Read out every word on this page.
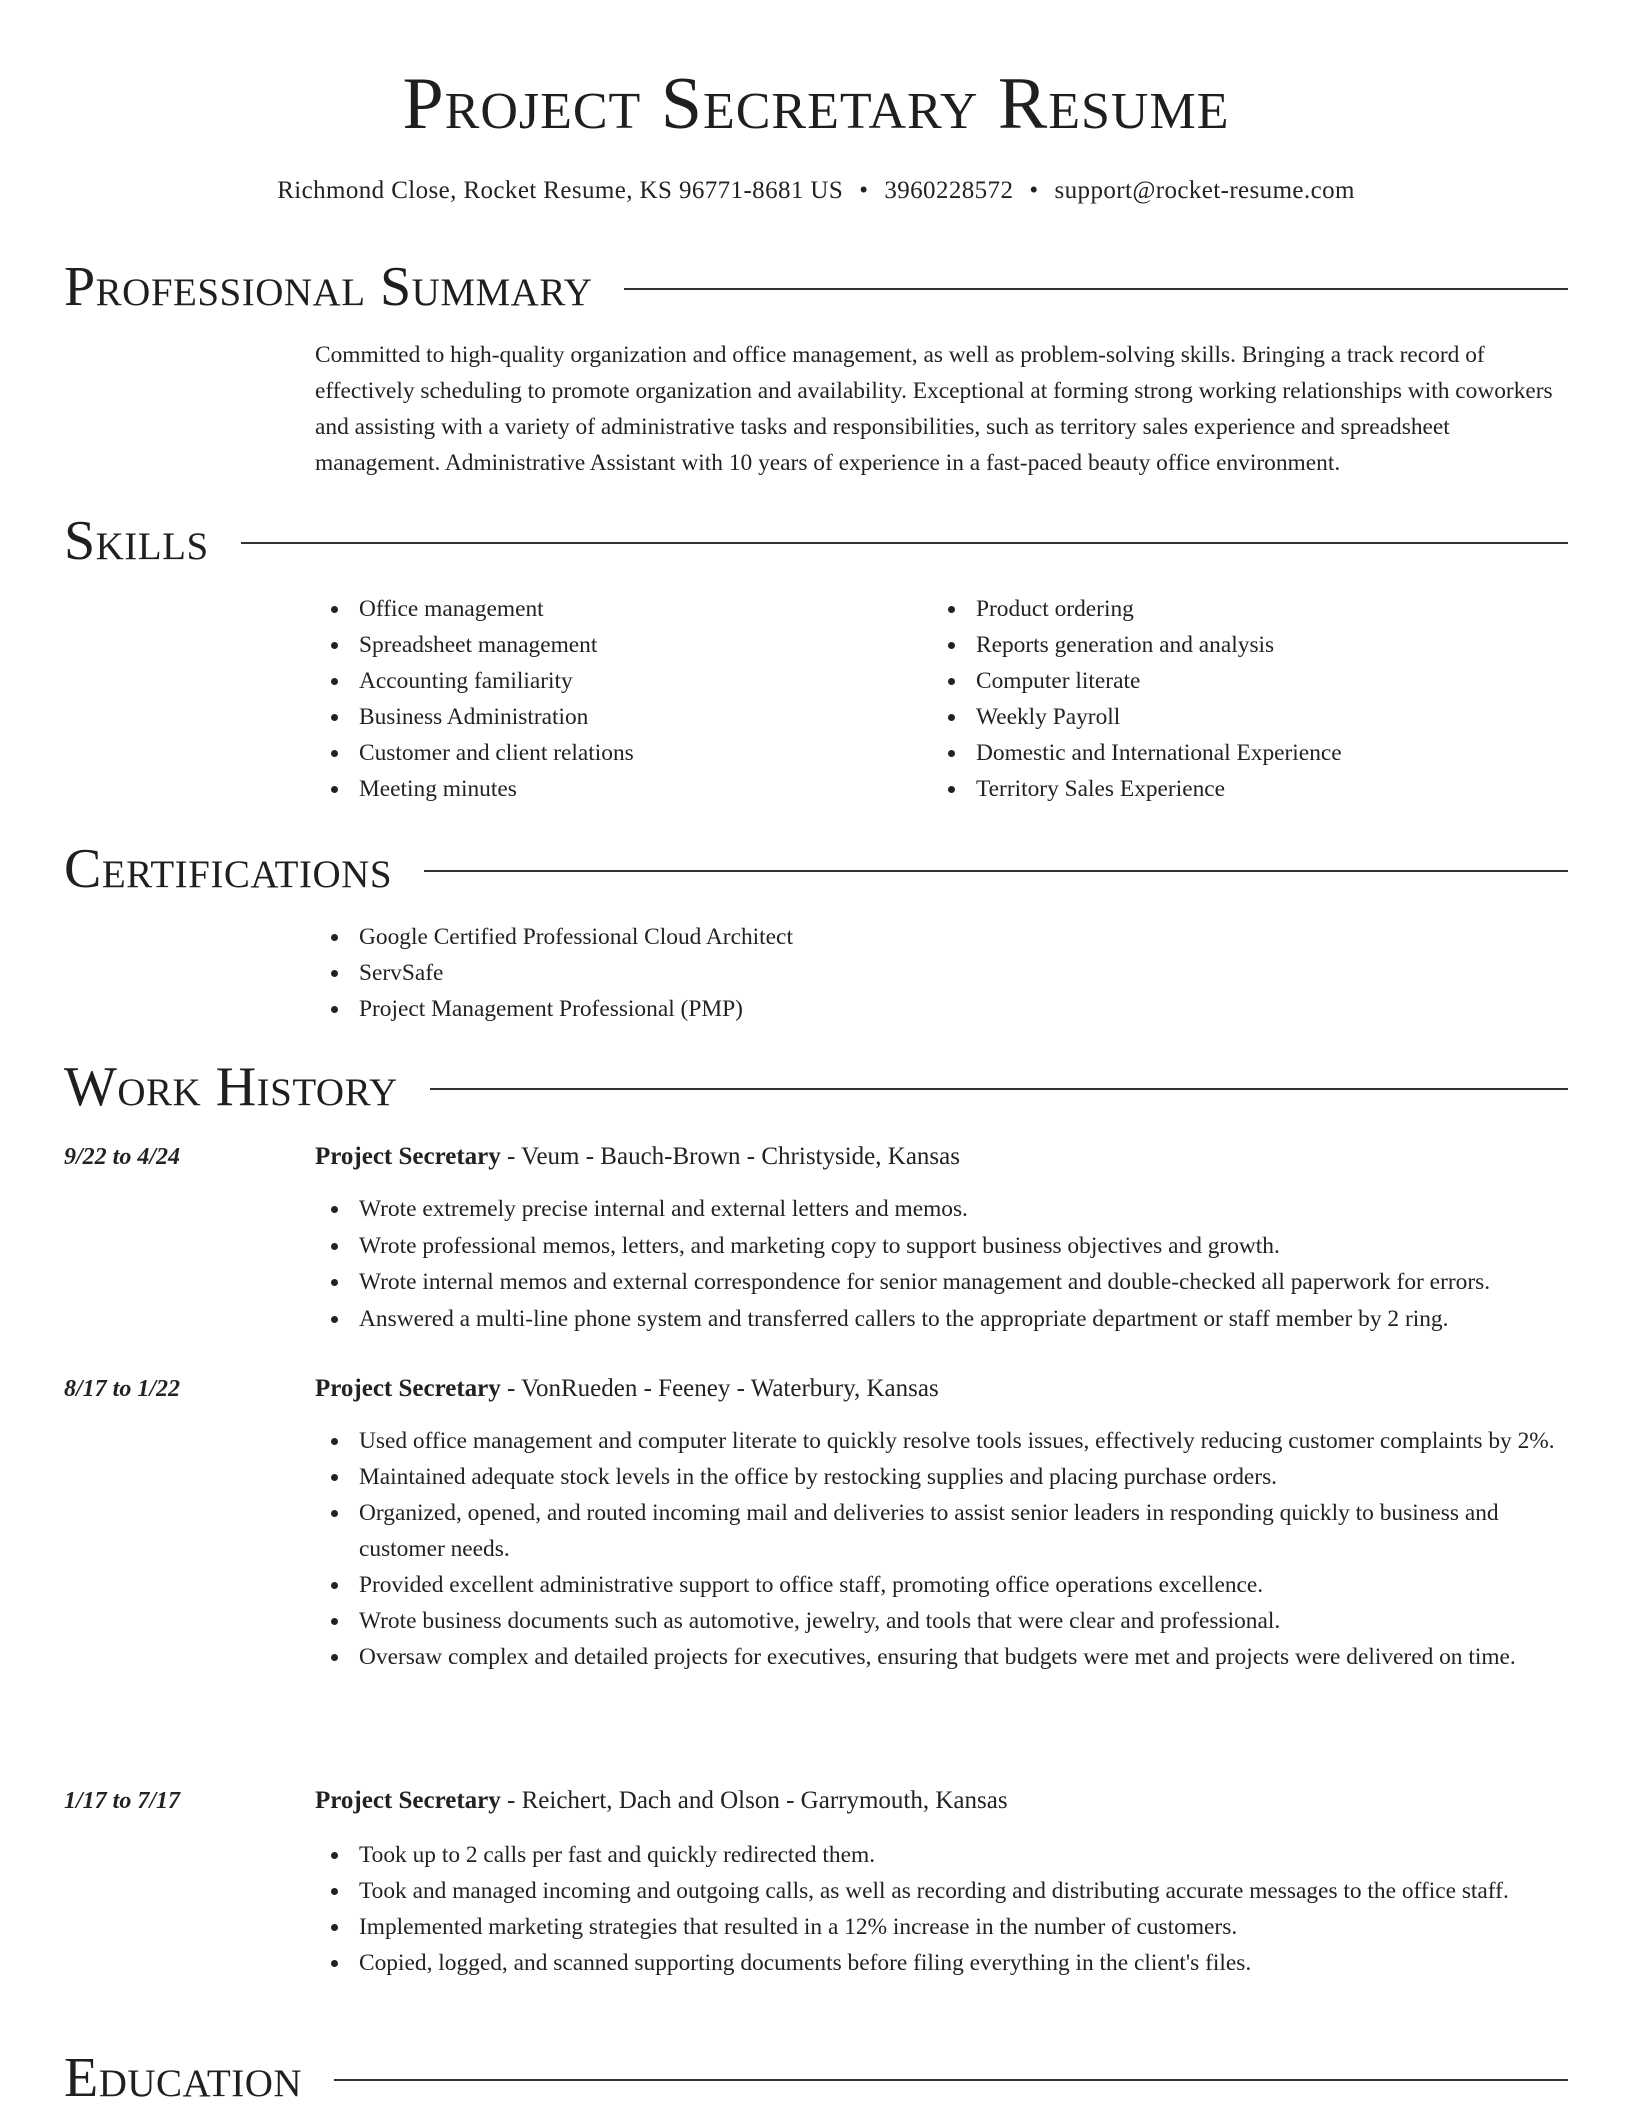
Project Secretary Resume
Richmond Close, Rocket Resume, KS 96771-8681 US • 3960228572 • support@rocket-resume.com
Professional Summary

Committed to high-quality organization and office management, as well as problem-solving skills. Bringing a track record of effectively scheduling to promote organization and availability. Exceptional at forming strong working relationships with coworkers and assisting with a variety of administrative tasks and responsibilities, such as territory sales experience and spreadsheet management. Administrative Assistant with 10 years of experience in a fast-paced beauty office environment.

Skills
Office management
Spreadsheet management
Accounting familiarity
Business Administration
Customer and client relations
Meeting minutes
Product ordering
Reports generation and analysis
Computer literate
Weekly Payroll
Domestic and International Experience
Territory Sales Experience
Certifications
Google Certified Professional Cloud Architect
ServSafe
Project Management Professional (PMP)
Work History
9/22 to 4/24	Project Secretary - Veum - Bauch-Brown - Christyside, Kansas
Wrote extremely precise internal and external letters and memos.
Wrote professional memos, letters, and marketing copy to support business objectives and growth.
Wrote internal memos and external correspondence for senior management and double-checked all paperwork for errors.
Answered a multi-line phone system and transferred callers to the appropriate department or staff member by 2 ring.
8/17 to 1/22	Project Secretary - VonRueden - Feeney - Waterbury, Kansas
Used office management and computer literate to quickly resolve tools issues, effectively reducing customer complaints by 2%.
Maintained adequate stock levels in the office by restocking supplies and placing purchase orders.
Organized, opened, and routed incoming mail and deliveries to assist senior leaders in responding quickly to business and customer needs.
Provided excellent administrative support to office staff, promoting office operations excellence.
Wrote business documents such as automotive, jewelry, and tools that were clear and professional.
Oversaw complex and detailed projects for executives, ensuring that budgets were met and projects were delivered on time.
1/17 to 7/17	Project Secretary - Reichert, Dach and Olson - Garrymouth, Kansas
Took up to 2 calls per fast and quickly redirected them.
Took and managed incoming and outgoing calls, as well as recording and distributing accurate messages to the office staff.
Implemented marketing strategies that resulted in a 12% increase in the number of customers.
Copied, logged, and scanned supporting documents before filing everything in the client's files.
Education
